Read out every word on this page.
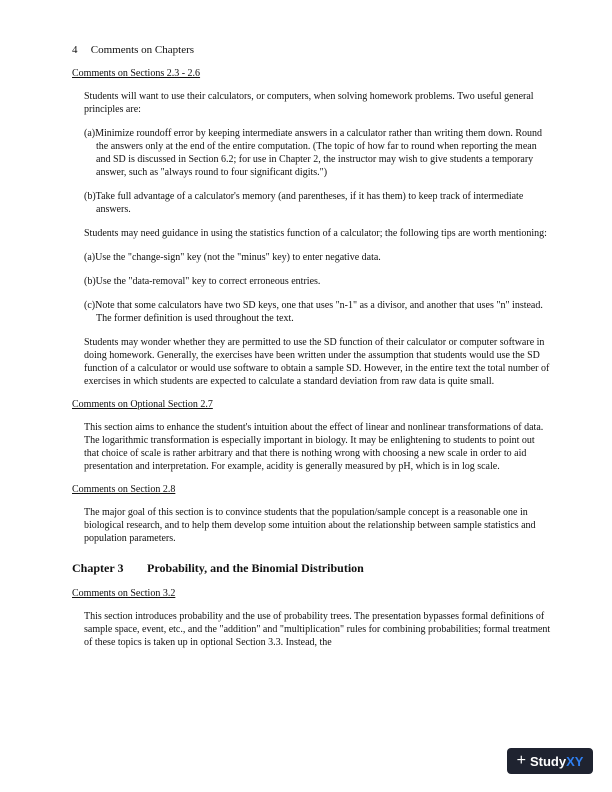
4 Comments on Chapters
Comments on Sections 2.3 - 2.6

Students will want to use their calculators, or computers, when solving homework problems. Two useful general principles are:

(a)Minimize roundoff error by keeping intermediate answers in a calculator rather than writing them down. Round the answers only at the end of the entire computation. (The topic of how far to round when reporting the mean and SD is discussed in Section 6.2; for use in Chapter 2, the instructor may wish to give students a temporary answer, such as "always round to four significant digits.")

(b)Take full advantage of a calculator's memory (and parentheses, if it has them) to keep track of intermediate answers.

Students may need guidance in using the statistics function of a calculator; the following tips are worth mentioning:

(a)Use the "change-sign" key (not the "minus" key) to enter negative data.

(b)Use the "data-removal" key to correct erroneous entries.

(c)Note that some calculators have two SD keys, one that uses "n-1" as a divisor, and another that uses "n" instead. The former definition is used throughout the text.

Students may wonder whether they are permitted to use the SD function of their calculator or computer software in doing homework. Generally, the exercises have been written under the assumption that students would use the SD function of a calculator or would use software to obtain a sample SD. However, in the entire text the total number of exercises in which students are expected to calculate a standard deviation from raw data is quite small.

Comments on Optional Section 2.7

This section aims to enhance the student's intuition about the effect of linear and nonlinear transformations of data. The logarithmic transformation is especially important in biology. It may be enlightening to students to point out that choice of scale is rather arbitrary and that there is nothing wrong with choosing a new scale in order to aid presentation and interpretation. For example, acidity is generally measured by pH, which is in log scale.

Comments on Section 2.8

The major goal of this section is to convince students that the population/sample concept is a reasonable one in biological research, and to help them develop some intuition about the relationship between sample statistics and population parameters.

Chapter 3 Probability, and the Binomial Distribution
Comments on Section 3.2

This section introduces probability and the use of probability trees. The presentation bypasses formal definitions of sample space, event, etc., and the "addition" and "multiplication" rules for combining probabilities; formal treatment of these topics is taken up in optional Section 3.3. Instead, the

+ Study XY
